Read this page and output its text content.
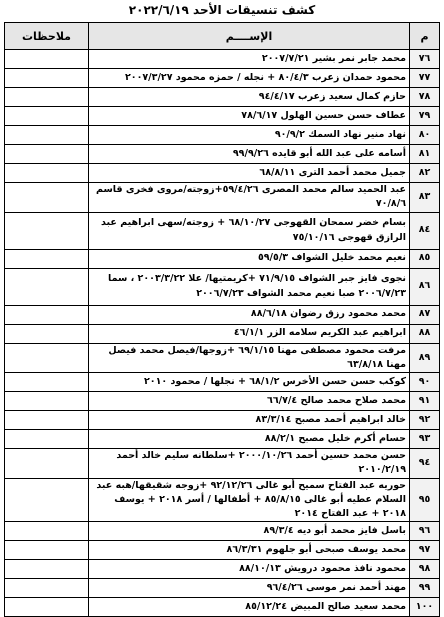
كشف تنسيقات الأحد ٢٠٢٢/٦/١٩
م	الإســــم	ملاحظات
٧٦	محمد جابر نمر بشير ٢٠٠٧/٧/٢١	
٧٧	محمود حمدان زعرب ٨٠/٤/٣ + نجله / حمزه محمود ٢٠٠٧/٣/٢٧	
٧٨	حازم كمال سعيد زعرب ٩٤/٤/١٧	
٧٩	عطاف حسن حسين الهلول ٧٨/٦/١٧	
٨٠	نهاد منير نهاد السمك ٩٠/٩/٢	
٨١	أسامه على عبد الله أبو قايده ٩٩/٩/٢٦	
٨٢	جميل محمد أحمد الترى ٦٨/٨/١١	
٨٣	عبد الحميد سالم محمد المصرى ٥٩/٤/٢٦+زوجته/مروى فخرى قاسم ٧٠/٨/٦	
٨٤	بسام خضر سمحان القهوجى ٦٨/١٠/٢٧ + زوجته/سهى ابراهيم عبد الرازق قهوجى ٧٥/١٠/١٦	
٨٥	نعيم محمد خليل الشواف ٥٩/٥/٣	
٨٦	نجوى فايز جبر الشواف ٧١/٩/١٥ +كريمتيها/ علا ٢٠٠٣/٣/٢٢ ، سما ٢٠٠٦/٧/٢٣ صبا نعيم محمد الشواف ٢٠٠٦/٧/٢٣	
٨٧	محمد محمود رزق رضوان ٨٨/٦/١٨	
٨٨	ابراهيم عبد الكريم سلامه الزر ٤٦/١/١	
٨٩	مرفت محمود مصطفى مهنا ٦٩/١/١٥ +زوجها/فيصل محمد فيصل مهنا ٦٣/٨/١٨	
٩٠	كوكب حسن حسن الأخرس ٦٨/١/٢ + نجلها / محمود ٢٠١٠	
٩١	محمد صلاح محمد صالح ٦٦/٧/٤	
٩٢	خالد ابراهيم أحمد مصبح ٨٣/٣/١٤	
٩٣	حسام أكرم خليل مصبح ٨٨/٢/١	
٩٤	حسن محمد حسين أحمد ٢٠٠٠/١٠/٢٦ +سلطانه سليم خالد أحمد ٢٠١٠/٢/١٩	
٩٥	حوريه عبد الفتاح سميح أبو غالى ٩٢/١٢/٢٦ +زوجه شقيقها/هبه عبد السلام عطيه أبو غالى ٨٥/٨/١٥ + أطفالها / أسر ٢٠١٨ + يوسف ٢٠١٨ + عبد الفتاح ٢٠١٤	
٩٦	باسل فايز محمد أبو ديه ٨٩/٣/٤	
٩٧	محمد يوسف صبحى أبو جلهوم ٨٦/٣/٣١	
٩٨	محمود نافذ محمود درويش ٨٨/١٠/١٣	
٩٩	مهند أحمد نمر موسى ٩٦/٤/٢٦	
١٠٠	محمد سعيد صالح المبيض ٨٥/١٢/٢٤	
